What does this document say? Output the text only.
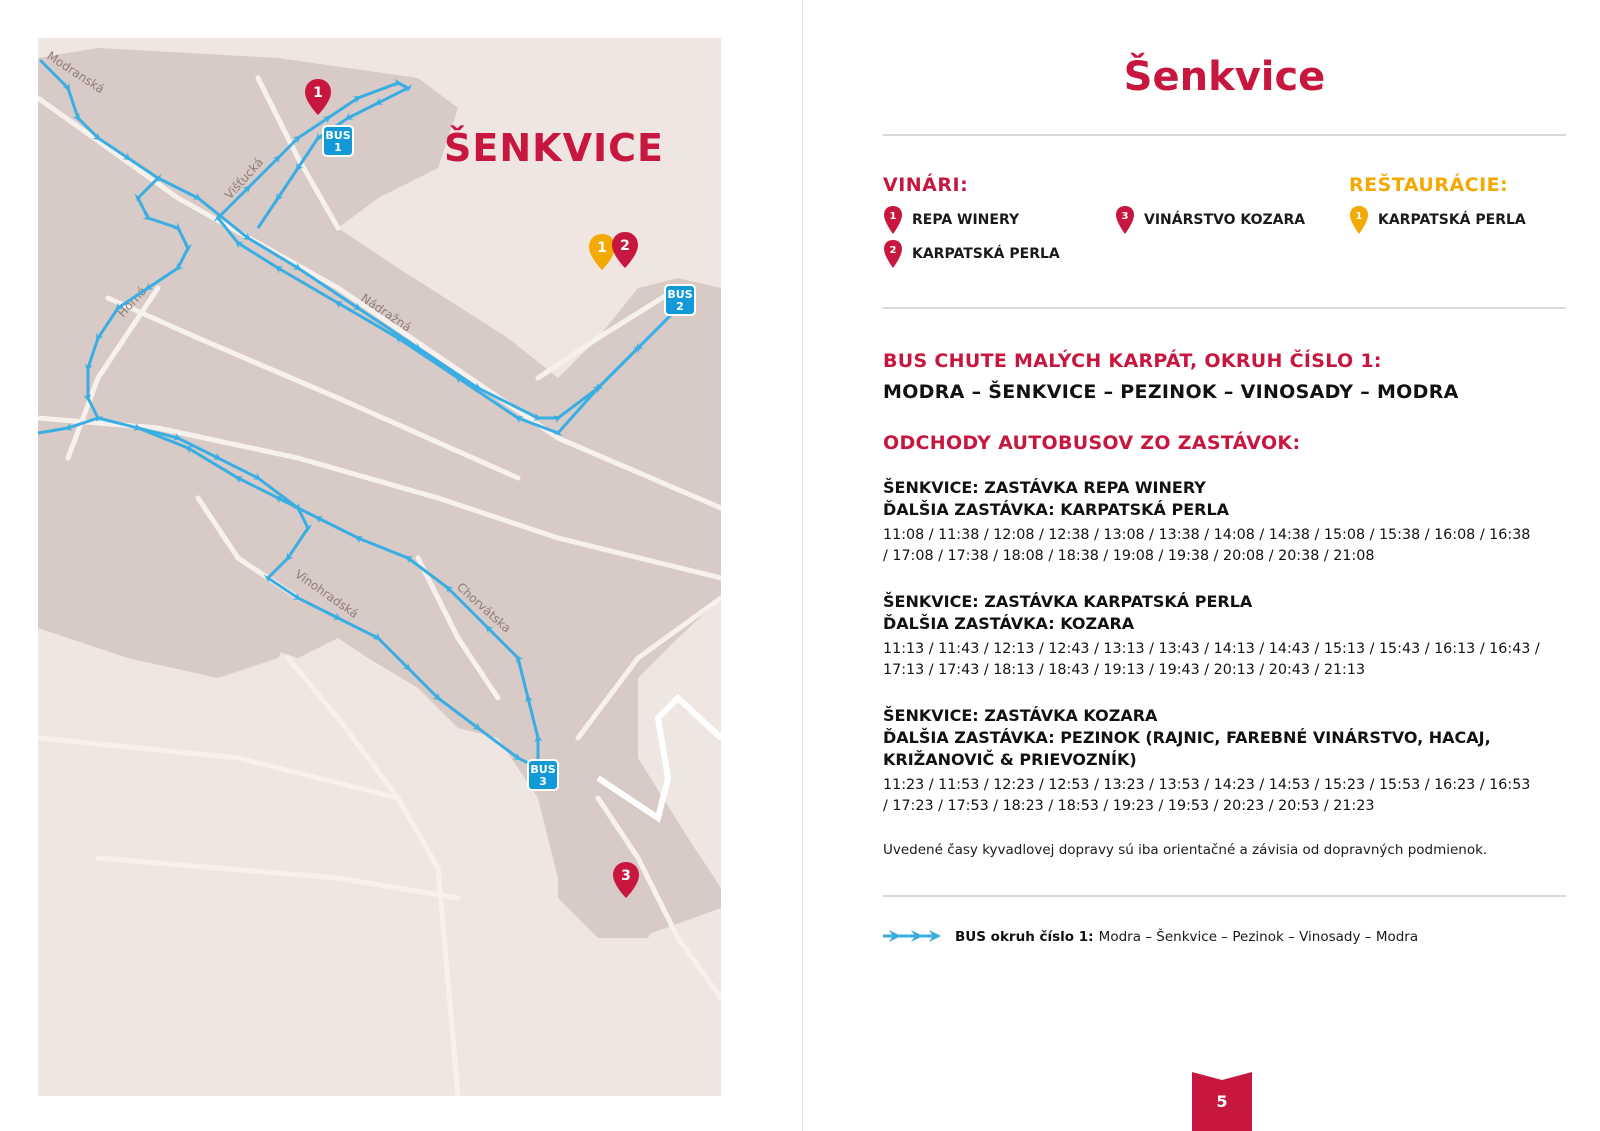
Modranská
Višťucká
Horná	Nádražná
Vinohradská	Chorvátska
ŠENKVICE
1
1 2
3
BUS
1
BUS
2
BUS
3
Šenkvice
VINÁRI:	REŠTAURÁCIE:
1 REPA WINERY
2 KARPATSKÁ PERLA
3 VINÁRSTVO KOZARA	1 KARPATSKÁ PERLA
BUS CHUTE MALÝCH KARPÁT, OKRUH ČÍSLO 1:
MODRA – ŠENKVICE – PEZINOK – VINOSADY – MODRA
ODCHODY AUTOBUSOV ZO ZASTÁVOK:
ŠENKVICE: ZASTÁVKA REPA WINERY
ĎALŠIA ZASTÁVKA: KARPATSKÁ PERLA
11:08 / 11:38 / 12:08 / 12:38 / 13:08 / 13:38 / 14:08 / 14:38 / 15:08 / 15:38 / 16:08 / 16:38
/ 17:08 / 17:38 / 18:08 / 18:38 / 19:08 / 19:38 / 20:08 / 20:38 / 21:08
ŠENKVICE: ZASTÁVKA KARPATSKÁ PERLA
ĎALŠIA ZASTÁVKA: KOZARA
11:13 / 11:43 / 12:13 / 12:43 / 13:13 / 13:43 / 14:13 / 14:43 / 15:13 / 15:43 / 16:13 / 16:43 /
17:13 / 17:43 / 18:13 / 18:43 / 19:13 / 19:43 / 20:13 / 20:43 / 21:13
ŠENKVICE: ZASTÁVKA KOZARA
ĎALŠIA ZASTÁVKA: PEZINOK (RAJNIC, FAREBNÉ VINÁRSTVO, HACAJ,
KRIŽANOVIČ & PRIEVOZNÍK)
11:23 / 11:53 / 12:23 / 12:53 / 13:23 / 13:53 / 14:23 / 14:53 / 15:23 / 15:53 / 16:23 / 16:53
/ 17:23 / 17:53 / 18:23 / 18:53 / 19:23 / 19:53 / 20:23 / 20:53 / 21:23
Uvedené časy kyvadlovej dopravy sú iba orientačné a závisia od dopravných podmienok.
BUS okruh číslo 1: Modra – Šenkvice – Pezinok – Vinosady – Modra
5
